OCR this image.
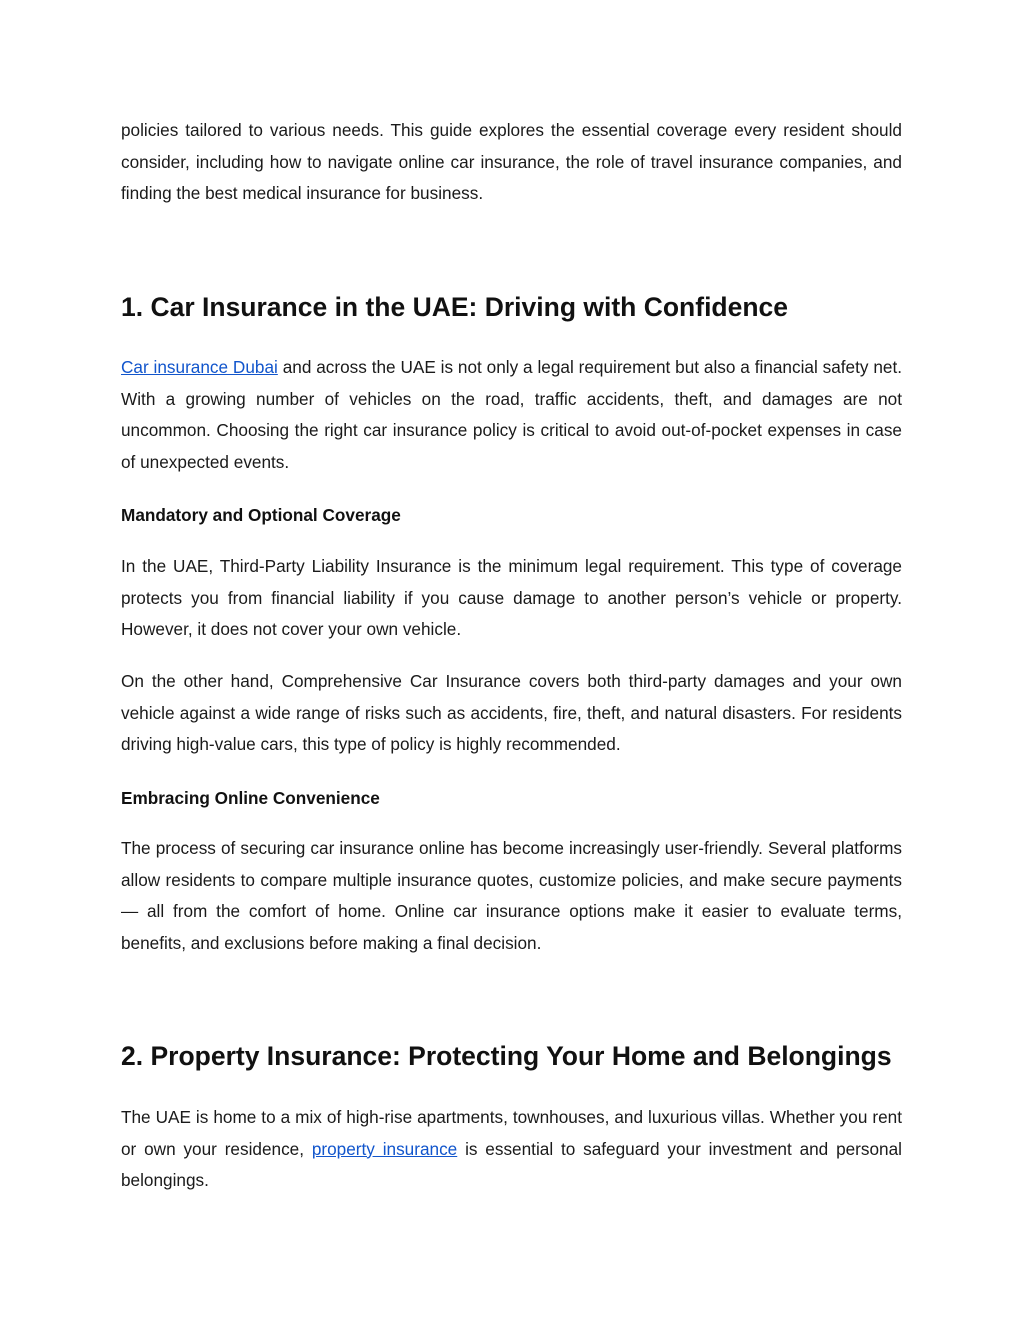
policies tailored to various needs. This guide explores the essential coverage every resident should consider, including how to navigate online car insurance, the role of travel insurance companies, and finding the best medical insurance for business.

1. Car Insurance in the UAE: Driving with Confidence

Car insurance Dubai and across the UAE is not only a legal requirement but also a financial safety net. With a growing number of vehicles on the road, traffic accidents, theft, and damages are not uncommon. Choosing the right car insurance policy is critical to avoid out-of-pocket expenses in case of unexpected events.

Mandatory and Optional Coverage

In the UAE, Third-Party Liability Insurance is the minimum legal requirement. This type of coverage protects you from financial liability if you cause damage to another person’s vehicle or property. However, it does not cover your own vehicle.

On the other hand, Comprehensive Car Insurance covers both third-party damages and your own vehicle against a wide range of risks such as accidents, fire, theft, and natural disasters. For residents driving high-value cars, this type of policy is highly recommended.

Embracing Online Convenience

The process of securing car insurance online has become increasingly user-friendly. Several platforms allow residents to compare multiple insurance quotes, customize policies, and make secure payments — all from the comfort of home. Online car insurance options make it easier to evaluate terms, benefits, and exclusions before making a final decision.

2. Property Insurance: Protecting Your Home and Belongings

The UAE is home to a mix of high-rise apartments, townhouses, and luxurious villas. Whether you rent or own your residence, property insurance is essential to safeguard your investment and personal belongings.
